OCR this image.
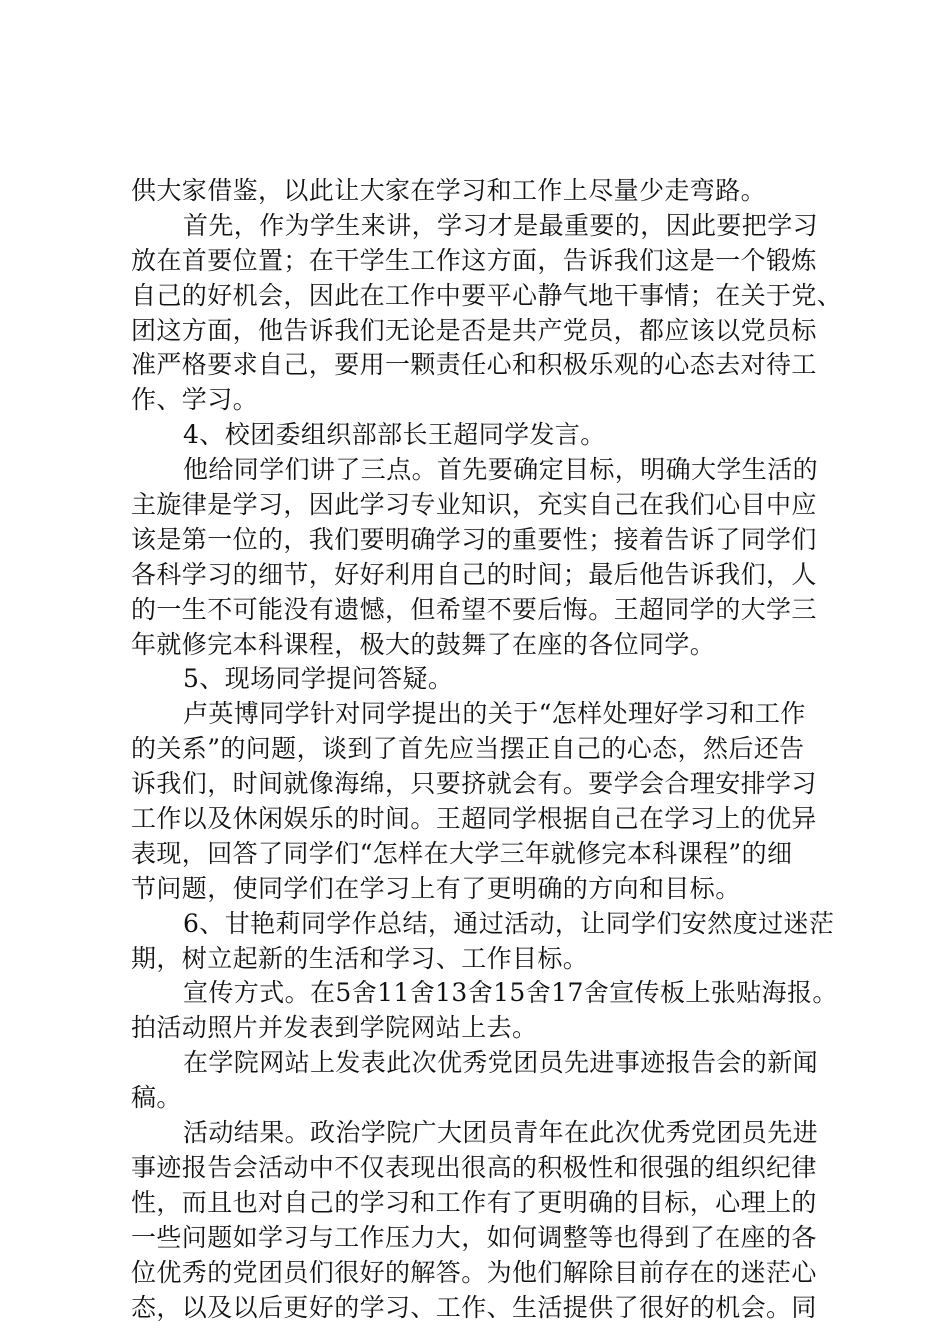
供大家借鉴，以此让大家在学习和工作上尽量少走弯路。
首先，作为学生来讲，学习才是最重要的，因此要把学习
放在首要位置；在干学生工作这方面，告诉我们这是一个锻炼
自己的好机会，因此在工作中要平心静气地干事情；在关于党、
团这方面，他告诉我们无论是否是共产党员，都应该以党员标
准严格要求自己，要用一颗责任心和积极乐观的心态去对待工
作、学习。
4、校团委组织部部长王超同学发言。
他给同学们讲了三点。首先要确定目标，明确大学生活的
主旋律是学习，因此学习专业知识，充实自己在我们心目中应
该是第一位的，我们要明确学习的重要性；接着告诉了同学们
各科学习的细节，好好利用自己的时间；最后他告诉我们，人
的一生不可能没有遗憾，但希望不要后悔。王超同学的大学三
年就修完本科课程，极大的鼓舞了在座的各位同学。
5、现场同学提问答疑。
卢英博同学针对同学提出的关于“怎样处理好学习和工作
的关系”的问题，谈到了首先应当摆正自己的心态，然后还告
诉我们，时间就像海绵，只要挤就会有。要学会合理安排学习
工作以及休闲娱乐的时间。王超同学根据自己在学习上的优异
表现，回答了同学们“怎样在大学三年就修完本科课程”的细
节问题，使同学们在学习上有了更明确的方向和目标。
6、甘艳莉同学作总结，通过活动，让同学们安然度过迷茫
期，树立起新的生活和学习、工作目标。
宣传方式。在5舍11舍13舍15舍17舍宣传板上张贴海报。
拍活动照片并发表到学院网站上去。
在学院网站上发表此次优秀党团员先进事迹报告会的新闻
稿。
活动结果。政治学院广大团员青年在此次优秀党团员先进
事迹报告会活动中不仅表现出很高的积极性和很强的组织纪律
性，而且也对自己的学习和工作有了更明确的目标，心理上的
一些问题如学习与工作压力大，如何调整等也得到了在座的各
位优秀的党团员们很好的解答。为他们解除目前存在的迷茫心
态，以及以后更好的学习、工作、生活提供了很好的机会。同
